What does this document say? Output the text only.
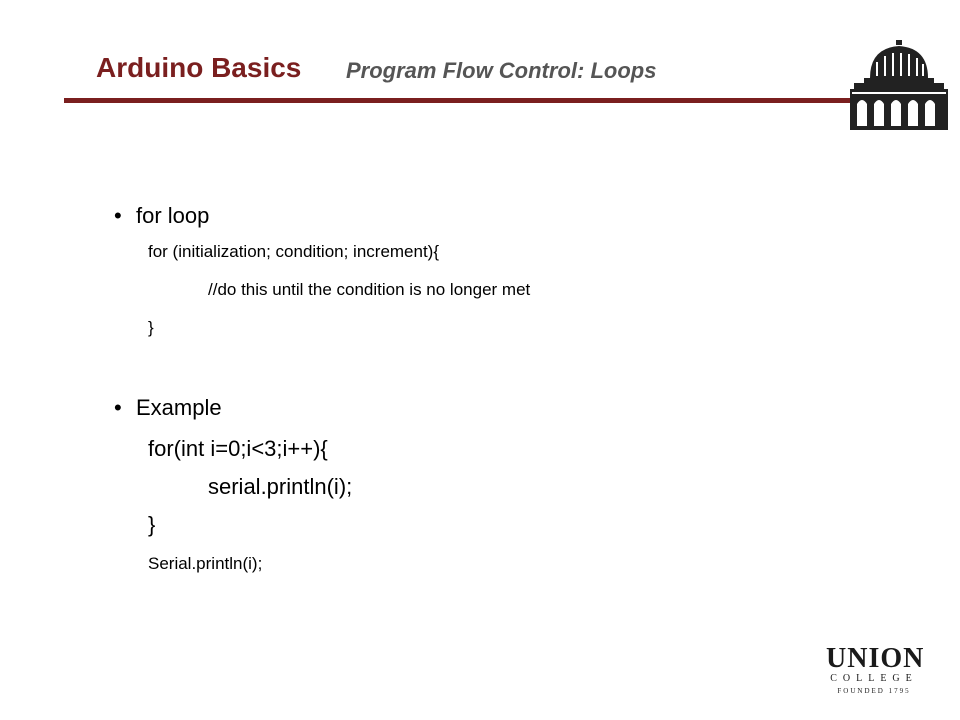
Arduino Basics Program Flow Control: Loops
• for loop
for (initialization; condition; increment){
//do this until the condition is no longer met
}
• Example
for(int i=0;i<3;i++){
serial.println(i);
}
Serial.println(i);
UNION
COLLEGE
FOUNDED 1795
